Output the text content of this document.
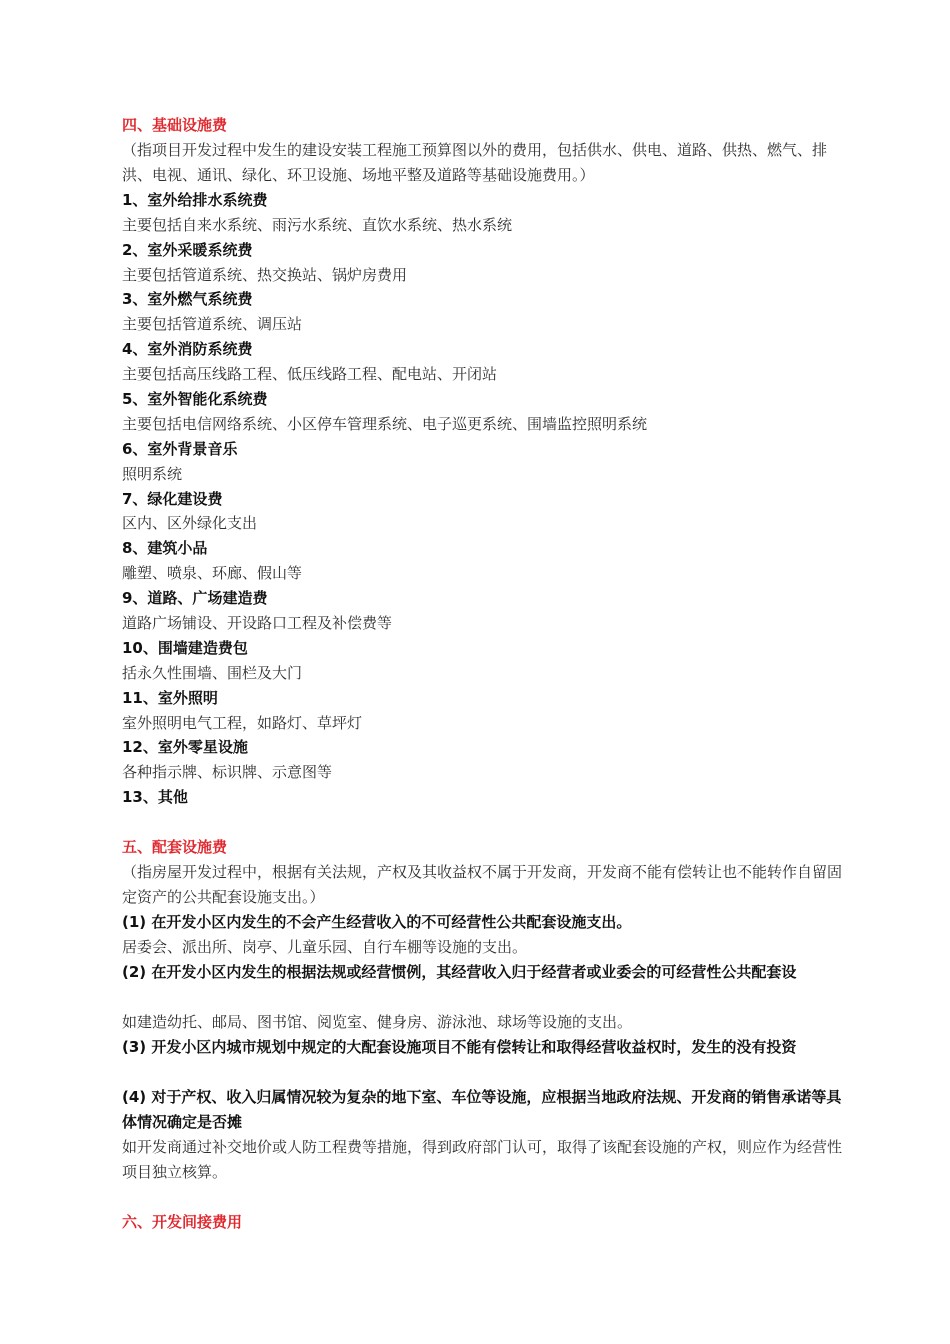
四、基础设施费
（指项目开发过程中发生的建设安装工程施工预算图以外的费用，包括供水、供电、道路、供热、燃气、排洪、电视、通讯、绿化、环卫设施、场地平整及道路等基础设施费用。）
1、室外给排水系统费
主要包括自来水系统、雨污水系统、直饮水系统、热水系统
2、室外采暖系统费
主要包括管道系统、热交换站、锅炉房费用
3、室外燃气系统费
主要包括管道系统、调压站
4、室外消防系统费
主要包括高压线路工程、低压线路工程、配电站、开闭站
5、室外智能化系统费
主要包括电信网络系统、小区停车管理系统、电子巡更系统、围墙监控照明系统
6、室外背景音乐
照明系统
7、绿化建设费
区内、区外绿化支出
8、建筑小品
雕塑、喷泉、环廊、假山等
9、道路、广场建造费
道路广场铺设、开设路口工程及补偿费等
10、围墙建造费包
括永久性围墙、围栏及大门
11、室外照明
室外照明电气工程，如路灯、草坪灯
12、室外零星设施
各种指示牌、标识牌、示意图等
13、其他
五、配套设施费
（指房屋开发过程中，根据有关法规，产权及其收益权不属于开发商，开发商不能有偿转让也不能转作自留固定资产的公共配套设施支出。）
(1) 在开发小区内发生的不会产生经营收入的不可经营性公共配套设施支出。
居委会、派出所、岗亭、儿童乐园、自行车棚等设施的支出。
(2) 在开发小区内发生的根据法规或经营惯例，其经营收入归于经营者或业委会的可经营性公共配套设
如建造幼托、邮局、图书馆、阅览室、健身房、游泳池、球场等设施的支出。
(3) 开发小区内城市规划中规定的大配套设施项目不能有偿转让和取得经营收益权时，发生的没有投资
(4) 对于产权、收入归属情况较为复杂的地下室、车位等设施，应根据当地政府法规、开发商的销售承诺等具体情况确定是否摊
如开发商通过补交地价或人防工程费等措施，得到政府部门认可，取得了该配套设施的产权，则应作为经营性项目独立核算。
六、开发间接费用
